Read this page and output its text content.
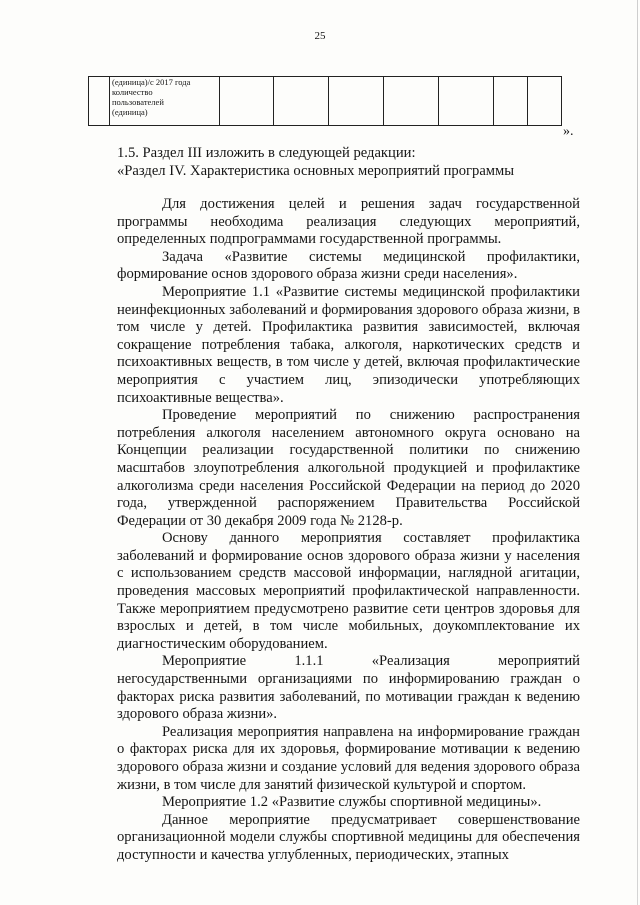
25

(единица)/с 2017 года
количество
пользователей
(единица)

».

1.5. Раздел III изложить в следующей редакции:

«Раздел IV. Характеристика основных мероприятий программы

Для достижения целей и решения задач государственной программы необходима реализация следующих мероприятий, определенных подпрограммами государственной программы.

Задача «Развитие системы медицинской профилактики, формирование основ здорового образа жизни среди населения».

Мероприятие 1.1 «Развитие системы медицинской профилактики неинфекционных заболеваний и формирования здорового образа жизни, в том числе у детей. Профилактика развития зависимостей, включая сокращение потребления табака, алкоголя, наркотических средств и психоактивных веществ, в том числе у детей, включая профилактические мероприятия с участием лиц, эпизодически употребляющих психоактивные вещества».

Проведение мероприятий по снижению распространения потребления алкоголя населением автономного округа основано на Концепции реализации государственной политики по снижению масштабов злоупотребления алкогольной продукцией и профилактике алкоголизма среди населения Российской Федерации на период до 2020 года, утвержденной распоряжением Правительства Российской Федерации от 30 декабря 2009 года № 2128-р.

Основу данного мероприятия составляет профилактика заболеваний и формирование основ здорового образа жизни у населения с использованием средств массовой информации, наглядной агитации, проведения массовых мероприятий профилактической направленности. Также мероприятием предусмотрено развитие сети центров здоровья для взрослых и детей, в том числе мобильных, доукомплектование их диагностическим оборудованием.

Мероприятие 1.1.1 «Реализация мероприятий негосударственными организациями по информированию граждан о факторах риска развития заболеваний, по мотивации граждан к ведению здорового образа жизни».

Реализация мероприятия направлена на информирование граждан о факторах риска для их здоровья, формирование мотивации к ведению здорового образа жизни и создание условий для ведения здорового образа жизни, в том числе для занятий физической культурой и спортом.

Мероприятие 1.2 «Развитие службы спортивной медицины».

Данное мероприятие предусматривает совершенствование организационной модели службы спортивной медицины для обеспечения доступности и качества углубленных, периодических, этапных
